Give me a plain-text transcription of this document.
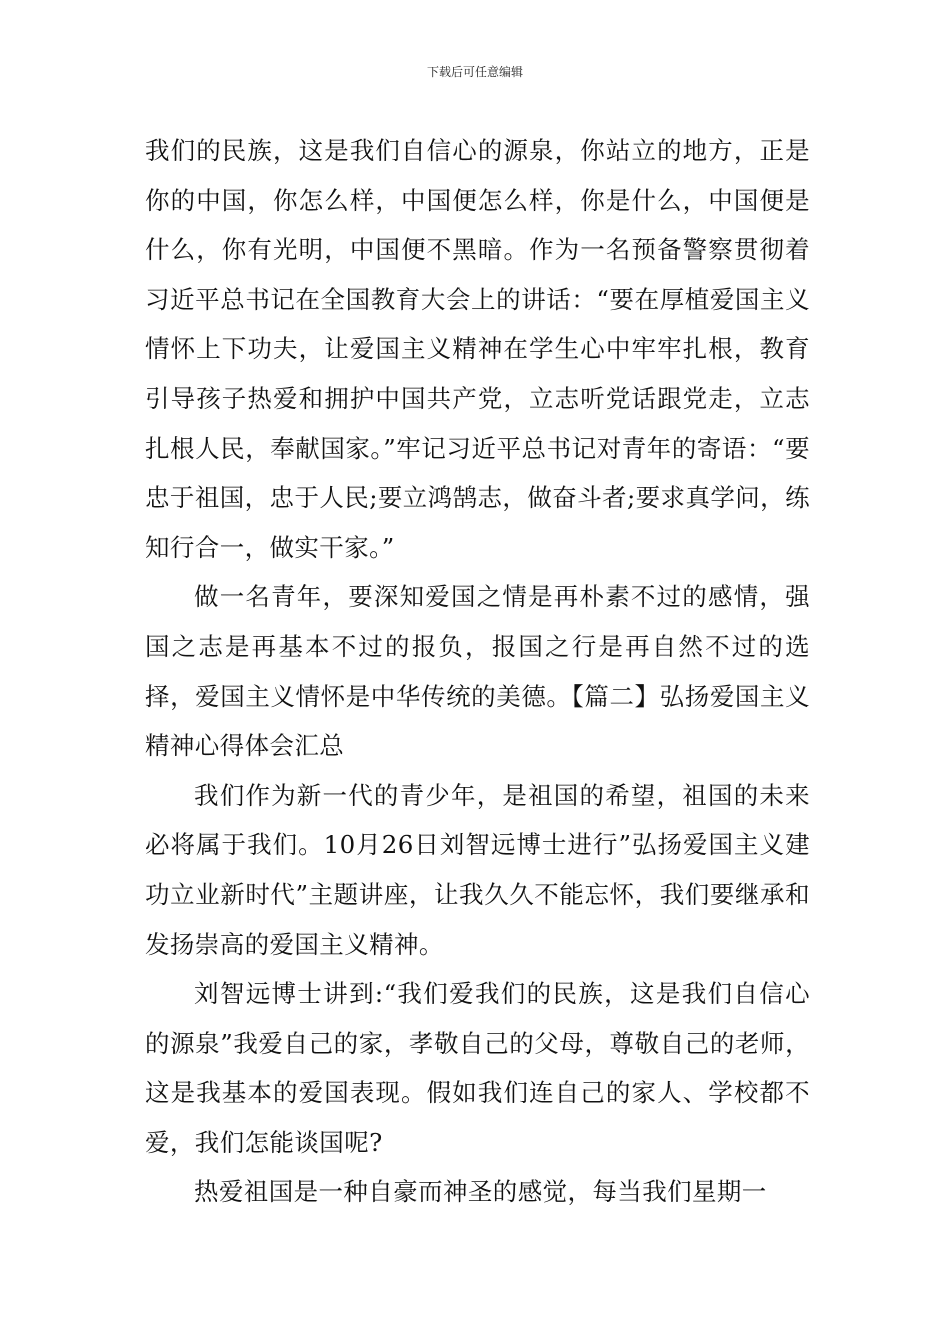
下载后可任意编辑

我们的民族，这是我们自信心的源泉，你站立的地方，正是你的中国，你怎么样，中国便怎么样，你是什么，中国便是什么，你有光明，中国便不黑暗。作为一名预备警察贯彻着习近平总书记在全国教育大会上的讲话：“要在厚植爱国主义情怀上下功夫，让爱国主义精神在学生心中牢牢扎根，教育引导孩子热爱和拥护中国共产党，立志听党话跟党走，立志扎根人民，奉献国家。”牢记习近平总书记对青年的寄语：“要忠于祖国，忠于人民;要立鸿鹄志，做奋斗者;要求真学问，练知行合一，做实干家。”

做一名青年，要深知爱国之情是再朴素不过的感情，强国之志是再基本不过的报负，报国之行是再自然不过的选择，爱国主义情怀是中华传统的美德。【篇二】弘扬爱国主义精神心得体会汇总

我们作为新一代的青少年，是祖国的希望，祖国的未来必将属于我们。10月26日刘智远博士进行”弘扬爱国主义建功立业新时代”主题讲座，让我久久不能忘怀，我们要继承和发扬崇高的爱国主义精神。

刘智远博士讲到:“我们爱我们的民族，这是我们自信心的源泉”我爱自己的家，孝敬自己的父母，尊敬自己的老师，这是我基本的爱国表现。假如我们连自己的家人、学校都不爱，我们怎能谈国呢?

热爱祖国是一种自豪而神圣的感觉，每当我们星期一
